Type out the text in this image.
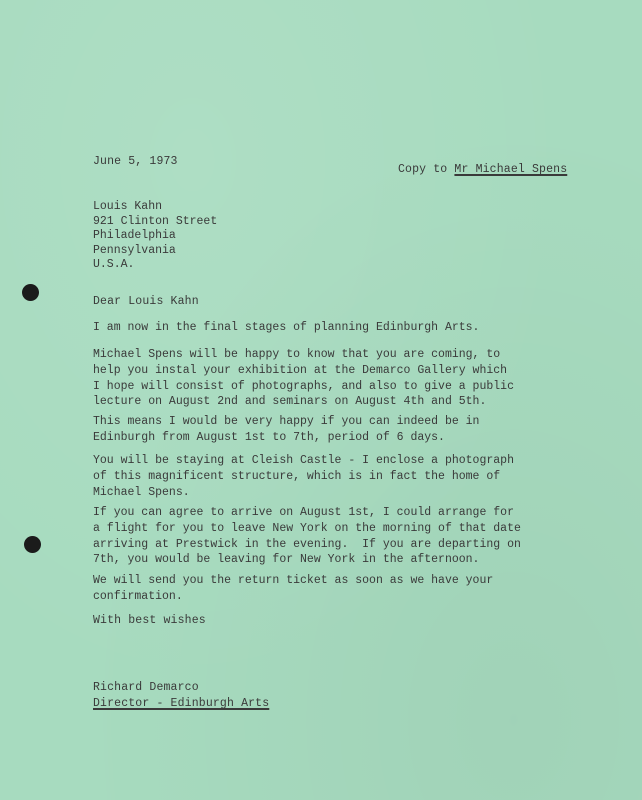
June 5, 1973
Copy to Mr Michael Spens
Louis Kahn
921 Clinton Street
Philadelphia
Pennsylvania
U.S.A.
Dear Louis Kahn
I am now in the final stages of planning Edinburgh Arts.
Michael Spens will be happy to know that you are coming, to
help you instal your exhibition at the Demarco Gallery which
I hope will consist of photographs, and also to give a public
lecture on August 2nd and seminars on August 4th and 5th.
This means I would be very happy if you can indeed be in
Edinburgh from August 1st to 7th, period of 6 days.
You will be staying at Cleish Castle - I enclose a photograph
of this magnificent structure, which is in fact the home of
Michael Spens.
If you can agree to arrive on August 1st, I could arrange for
a flight for you to leave New York on the morning of that date
arriving at Prestwick in the evening.  If you are departing on
7th, you would be leaving for New York in the afternoon.
We will send you the return ticket as soon as we have your
confirmation.
With best wishes
Richard Demarco
Director - Edinburgh Arts
